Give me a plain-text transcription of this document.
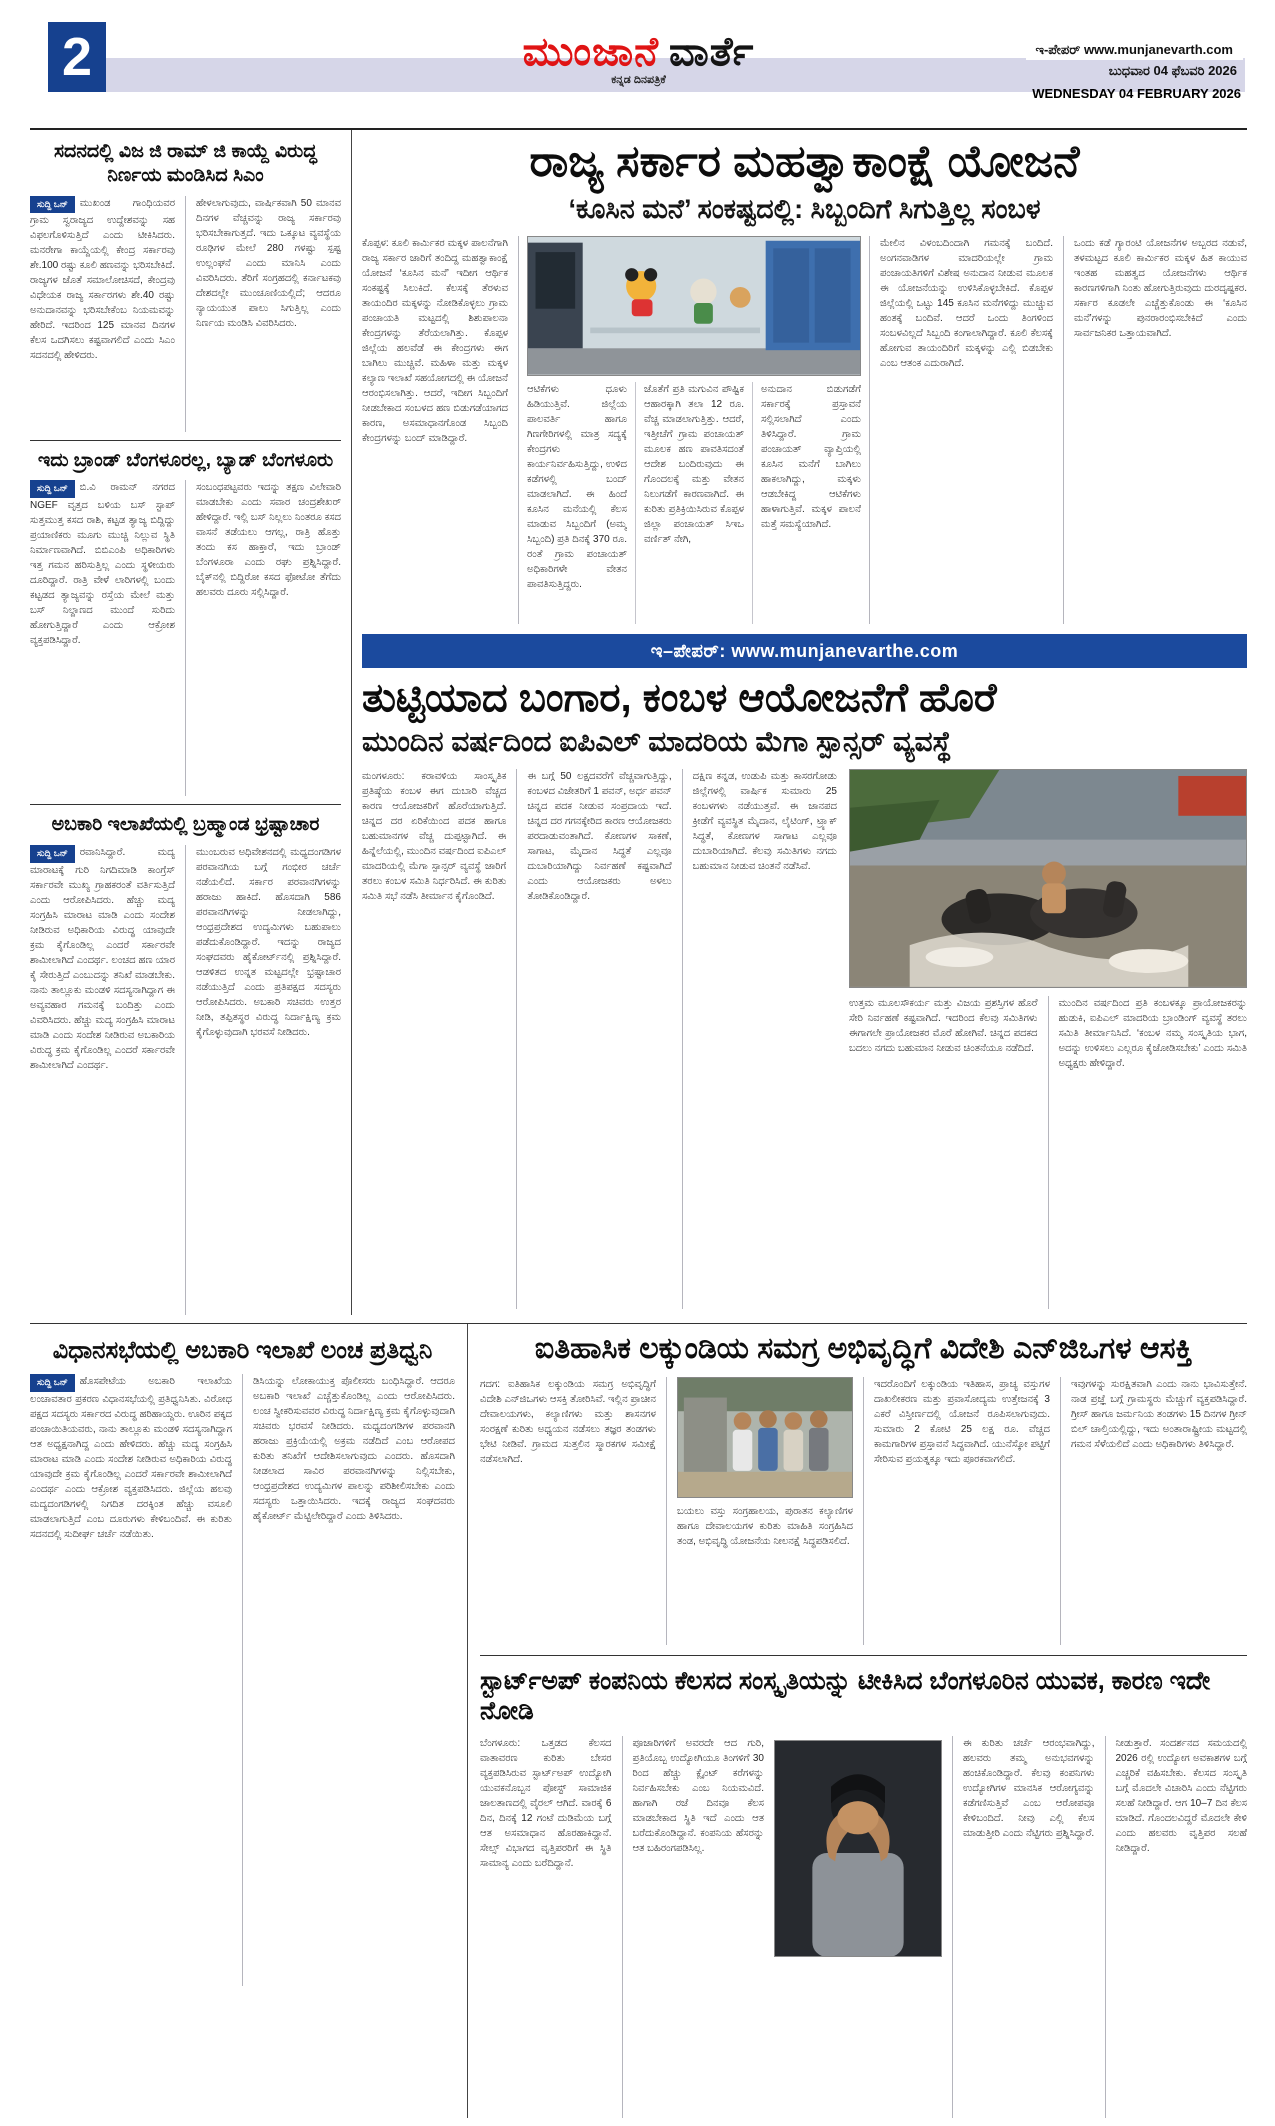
2	ಮುಂಜಾನೆ ವಾರ್ತೆ
ಕನ್ನಡ ದಿನಪತ್ರಿಕೆ
ಇ-ಪೇಪರ್ www.munjanevarth.com
ಬುಧವಾರ 04 ಫೆಬವರಿ 2026
WEDNESDAY 04 FEBRUARY 2026
ಸದನದಲ್ಲಿ ವಿಜ ಜಿ ರಾಮ್ ಜಿ ಕಾಯ್ದೆ ವಿರುದ್ಧ ನಿರ್ಣಯ ಮಂಡಿಸಿದ ಸಿಎಂ
ಸುದ್ದಿ ಒನ್ ಮುಖಂಡ ಗಾಂಧಿಯವರ ಗ್ರಾಮ ಸ್ವರಾಜ್ಯದ ಉದ್ದೇಶವನ್ನು ಸಹ ವಿಫಲಗೊಳಿಸುತ್ತಿದೆ ಎಂದು ಟೀಕಿಸಿದರು. ಮನರೇಗಾ ಕಾಯ್ದೆಯಲ್ಲಿ ಕೇಂದ್ರ ಸರ್ಕಾರವು ಶೇ.100 ರಷ್ಟು ಕೂಲಿ ಹಣವನ್ನು ಭರಿಸಬೇಕಿದೆ. ರಾಜ್ಯಗಳ ಜೊತೆ ಸಮಾಲೋಚಿಸದೆ, ಕೇಂದ್ರವು ವಿಧೇಯಕ ರಾಜ್ಯ ಸರ್ಕಾರಗಳು ಶೇ.40 ರಷ್ಟು ಅನುದಾನವನ್ನು ಭರಿಸಬೇಕೆಂಬ ನಿಯಮವನ್ನು ಹೇರಿದೆ. ಇದರಿಂದ 125 ಮಾನವ ದಿನಗಳ ಕೆಲಸ ಒದಗಿಸಲು ಕಷ್ಟವಾಗಲಿದೆ ಎಂದು ಸಿಎಂ ಸದನದಲ್ಲಿ ಹೇಳಿದರು.
ಹೇಳಲಾಗುವುದು, ವಾರ್ಷಿಕವಾಗಿ 50 ಮಾನವ ದಿನಗಳ ವೆಚ್ಚವನ್ನು ರಾಜ್ಯ ಸರ್ಕಾರವು ಭರಿಸಬೇಕಾಗುತ್ತದೆ. ಇದು ಒಕ್ಕೂಟ ವ್ಯವಸ್ಥೆಯ ರೂಢಿಗಳ ಮೇಲೆ 280 ಗಳಷ್ಟು ಸ್ಪಷ್ಟ ಉಲ್ಲಂಘನೆ ಎಂದು ಮಾನಿಸಿ ಎಂದು ವಿವರಿಸಿದರು. ತೆರಿಗೆ ಸಂಗ್ರಹದಲ್ಲಿ ಕರ್ನಾಟಕವು ದೇಶದಲ್ಲೇ ಮುಂಚೂಣಿಯಲ್ಲಿದೆ; ಆದರೂ ನ್ಯಾಯಯುತ ಪಾಲು ಸಿಗುತ್ತಿಲ್ಲ ಎಂದು ನಿರ್ಣಯ ಮಂಡಿಸಿ ವಿವರಿಸಿದರು.
ಇದು ಬ್ರಾಂಡ್ ಬೆಂಗಳೂರಲ್ಲ, ಬ್ಯಾಡ್ ಬೆಂಗಳೂರು
ಸುದ್ದಿ ಒನ್ ಬಿ.ವಿ ರಾಮನ್ ನಗರದ NGEF ವೃತ್ತದ ಬಳಿಯ ಬಸ್ ಸ್ಟಾಪ್ ಸುತ್ತಮುತ್ತ ಕಸದ ರಾಶಿ, ಕಟ್ಟಡ ತ್ಯಾಜ್ಯ ಬಿದ್ದಿದ್ದು ಪ್ರಯಾಣಿಕರು ಮೂಗು ಮುಚ್ಚಿ ನಿಲ್ಲುವ ಸ್ಥಿತಿ ನಿರ್ಮಾಣವಾಗಿದೆ. ಬಿಬಿಎಂಪಿ ಅಧಿಕಾರಿಗಳು ಇತ್ತ ಗಮನ ಹರಿಸುತ್ತಿಲ್ಲ ಎಂದು ಸ್ಥಳೀಯರು ದೂರಿದ್ದಾರೆ. ರಾತ್ರಿ ವೇಳೆ ಲಾರಿಗಳಲ್ಲಿ ಬಂದು ಕಟ್ಟಡದ ತ್ಯಾಜ್ಯವನ್ನು ರಸ್ತೆಯ ಮೇಲೆ ಮತ್ತು ಬಸ್ ನಿಲ್ದಾಣದ ಮುಂದೆ ಸುರಿದು ಹೋಗುತ್ತಿದ್ದಾರೆ ಎಂದು ಆಕ್ರೋಶ ವ್ಯಕ್ತಪಡಿಸಿದ್ದಾರೆ.
ಸಂಬಂಧಪಟ್ಟವರು ಇದನ್ನು ತಕ್ಷಣ ವಿಲೇವಾರಿ ಮಾಡಬೇಕು ಎಂದು ಸವಾರ ಚಂದ್ರಶೇಖರ್ ಹೇಳಿದ್ದಾರೆ. ಇಲ್ಲಿ ಬಸ್ ನಿಲ್ಲಲು ನಿಂತರೂ ಕಸದ ವಾಸನೆ ತಡೆಯಲು ಆಗಲ್ಲ, ರಾತ್ರಿ ಹೊತ್ತು ತಂದು ಕಸ ಹಾಕ್ತಾರೆ, ಇದು ಬ್ರಾಂಡ್ ಬೆಂಗಳೂರಾ ಎಂದು ರಘು ಪ್ರಶ್ನಿಸಿದ್ದಾರೆ. ಬೈಕ್‌ನಲ್ಲಿ ಬಿದ್ದಿರೋ ಕಸದ ಫೋಟೋ ತೆಗೆದು ಹಲವರು ದೂರು ಸಲ್ಲಿಸಿದ್ದಾರೆ.
ಅಬಕಾರಿ ಇಲಾಖೆಯಲ್ಲಿ ಬ್ರಹ್ಮಾಂಡ ಭ್ರಷ್ಟಾಚಾರ
ಸುದ್ದಿ ಒನ್ ರವಾನಿಸಿದ್ದಾರೆ. ಮದ್ಯ ಮಾರಾಟಕ್ಕೆ ಗುರಿ ನಿಗದಿಮಾಡಿ ಕಾಂಗ್ರೆಸ್ ಸರ್ಕಾರವೇ ಮುಖ್ಯ ಗ್ರಾಹಕರಂತೆ ವರ್ತಿಸುತ್ತಿದೆ ಎಂದು ಆರೋಪಿಸಿದರು. ಹೆಚ್ಚು ಮದ್ಯ ಸಂಗ್ರಹಿಸಿ ಮಾರಾಟ ಮಾಡಿ ಎಂದು ಸಂದೇಶ ನೀಡಿರುವ ಅಧಿಕಾರಿಯ ವಿರುದ್ಧ ಯಾವುದೇ ಕ್ರಮ ಕೈಗೊಂಡಿಲ್ಲ ಎಂದರೆ ಸರ್ಕಾರವೇ ಶಾಮೀಲಾಗಿದೆ ಎಂದರ್ಥ. ಲಂಚದ ಹಣ ಯಾರ ಕೈ ಸೇರುತ್ತಿದೆ ಎಂಬುದನ್ನು ತನಿಖೆ ಮಾಡಬೇಕು. ನಾನು ತಾಲ್ಲೂಕು ಮಂಡಳಿ ಸದಸ್ಯನಾಗಿದ್ದಾಗ ಈ ಅವ್ಯವಹಾರ ಗಮನಕ್ಕೆ ಬಂದಿತ್ತು ಎಂದು ವಿವರಿಸಿದರು. ಹೆಚ್ಚು ಮದ್ಯ ಸಂಗ್ರಹಿಸಿ ಮಾರಾಟ ಮಾಡಿ ಎಂದು ಸಂದೇಶ ನೀಡಿರುವ ಅಬಕಾರಿಯ ವಿರುದ್ಧ ಕ್ರಮ ಕೈಗೊಂಡಿಲ್ಲ ಎಂದರೆ ಸರ್ಕಾರವೇ ಶಾಮೀಲಾಗಿದೆ ಎಂದರ್ಥ.
ಮುಂಬರುವ ಅಧಿವೇಶನದಲ್ಲಿ ಮಧ್ಯದಂಗಡಿಗಳ ಪರವಾನಗಿಯ ಬಗ್ಗೆ ಗಂಭೀರ ಚರ್ಚೆ ನಡೆಯಲಿದೆ. ಸರ್ಕಾರ ಪರವಾನಗಿಗಳನ್ನು ಹರಾಜು ಹಾಕಿದೆ. ಹೊಸದಾಗಿ 586 ಪರವಾನಗಿಗಳನ್ನು ನೀಡಲಾಗಿದ್ದು, ಆಂಧ್ರಪ್ರದೇಶದ ಉದ್ಯಮಿಗಳು ಬಹುಪಾಲು ಪಡೆದುಕೊಂಡಿದ್ದಾರೆ. ಇದನ್ನು ರಾಜ್ಯದ ಸಂಘದವರು ಹೈಕೋರ್ಟ್‌ನಲ್ಲಿ ಪ್ರಶ್ನಿಸಿದ್ದಾರೆ. ಆಡಳಿತದ ಉನ್ನತ ಮಟ್ಟದಲ್ಲೇ ಭ್ರಷ್ಟಾಚಾರ ನಡೆಯುತ್ತಿದೆ ಎಂದು ಪ್ರತಿಪಕ್ಷದ ಸದಸ್ಯರು ಆರೋಪಿಸಿದರು. ಅಬಕಾರಿ ಸಚಿವರು ಉತ್ತರ ನೀಡಿ, ತಪ್ಪಿತಸ್ಥರ ವಿರುದ್ಧ ನಿರ್ದಾಕ್ಷಿಣ್ಯ ಕ್ರಮ ಕೈಗೊಳ್ಳುವುದಾಗಿ ಭರವಸೆ ನೀಡಿದರು.
ರಾಜ್ಯ ಸರ್ಕಾರ ಮಹತ್ವಾಕಾಂಕ್ಷೆ ಯೋಜನೆ
‘ಕೂಸಿನ ಮನೆ’ ಸಂಕಷ್ಟದಲ್ಲಿ: ಸಿಬ್ಬಂದಿಗೆ ಸಿಗುತ್ತಿಲ್ಲ ಸಂಬಳ
ಕೊಪ್ಪಳ: ಕೂಲಿ ಕಾರ್ಮಿಕರ ಮಕ್ಕಳ ಪಾಲನೆಗಾಗಿ ರಾಜ್ಯ ಸರ್ಕಾರ ಜಾರಿಗೆ ತಂದಿದ್ದ ಮಹತ್ವಾಕಾಂಕ್ಷೆ ಯೋಜನೆ ‘ಕೂಸಿನ ಮನೆ’ ಇದೀಗ ಆರ್ಥಿಕ ಸಂಕಷ್ಟಕ್ಕೆ ಸಿಲುಕಿದೆ. ಕೆಲಸಕ್ಕೆ ತೆರಳುವ ತಾಯಂದಿರ ಮಕ್ಕಳನ್ನು ನೋಡಿಕೊಳ್ಳಲು ಗ್ರಾಮ ಪಂಚಾಯತಿ ಮಟ್ಟದಲ್ಲಿ ಶಿಶುಪಾಲನಾ ಕೇಂದ್ರಗಳನ್ನು ತೆರೆಯಲಾಗಿತ್ತು. ಕೊಪ್ಪಳ ಜಿಲ್ಲೆಯ ಹಲವೆಡೆ ಈ ಕೇಂದ್ರಗಳು ಈಗ ಬಾಗಿಲು ಮುಚ್ಚಿವೆ. ಮಹಿಳಾ ಮತ್ತು ಮಕ್ಕಳ ಕಲ್ಯಾಣ ಇಲಾಖೆ ಸಹಯೋಗದಲ್ಲಿ ಈ ಯೋಜನೆ ಆರಂಭಿಸಲಾಗಿತ್ತು. ಆದರೆ, ಇದೀಗ ಸಿಬ್ಬಂದಿಗೆ ನೀಡಬೇಕಾದ ಸಂಬಳದ ಹಣ ಬಿಡುಗಡೆಯಾಗದ ಕಾರಣ, ಅಸಮಾಧಾನಗೊಂಡ ಸಿಬ್ಬಂದಿ ಕೇಂದ್ರಗಳನ್ನು ಬಂದ್ ಮಾಡಿದ್ದಾರೆ.
ಆಟಿಕೆಗಳು ಧೂಳು ಹಿಡಿಯುತ್ತಿವೆ. ಜಿಲ್ಲೆಯ ಪಾಲವರ್ತಿ ಹಾಗೂ ಗಿಣಗೇರಿಗಳಲ್ಲಿ ಮಾತ್ರ ಸದ್ಯಕ್ಕೆ ಕೇಂದ್ರಗಳು ಕಾರ್ಯನಿರ್ವಹಿಸುತ್ತಿದ್ದು, ಉಳಿದ ಕಡೆಗಳಲ್ಲಿ ಬಂದ್ ಮಾಡಲಾಗಿದೆ. ಈ ಹಿಂದೆ ಕೂಸಿನ ಮನೆಯಲ್ಲಿ ಕೆಲಸ ಮಾಡುವ ಸಿಬ್ಬಂದಿಗೆ (ಅಮ್ಮ ಸಿಬ್ಬಂದಿ) ಪ್ರತಿ ದಿನಕ್ಕೆ 370 ರೂ. ರಂತೆ ಗ್ರಾಮ ಪಂಚಾಯತ್ ಅಧಿಕಾರಿಗಳೇ ವೇತನ ಪಾವತಿಸುತ್ತಿದ್ದರು.
ಜೊತೆಗೆ ಪ್ರತಿ ಮಗುವಿನ ಪೌಷ್ಟಿಕ ಆಹಾರಕ್ಕಾಗಿ ತಲಾ 12 ರೂ. ವೆಚ್ಚ ಮಾಡಲಾಗುತ್ತಿತ್ತು. ಆದರೆ, ಇತ್ತೀಚೆಗೆ ಗ್ರಾಮ ಪಂಚಾಯತ್ ಮೂಲಕ ಹಣ ಪಾವತಿಸದಂತೆ ಆದೇಶ ಬಂದಿರುವುದು ಈ ಗೊಂದಲಕ್ಕೆ ಮತ್ತು ವೇತನ ನಿಲುಗಡೆಗೆ ಕಾರಣವಾಗಿದೆ. ಈ ಕುರಿತು ಪ್ರತಿಕ್ರಿಯಿಸಿರುವ ಕೊಪ್ಪಳ ಜಿಲ್ಲಾ ಪಂಚಾಯತ್ ಸಿಇಒ ವರ್ಣಿತ್ ನೇಗಿ,
ಅನುದಾನ ಬಿಡುಗಡೆಗೆ ಸರ್ಕಾರಕ್ಕೆ ಪ್ರಸ್ತಾವನೆ ಸಲ್ಲಿಸಲಾಗಿದೆ ಎಂದು ತಿಳಿಸಿದ್ದಾರೆ. ಗ್ರಾಮ ಪಂಚಾಯತ್ ವ್ಯಾಪ್ತಿಯಲ್ಲಿ ಕೂಸಿನ ಮನೆಗೆ ಬಾಗಿಲು ಹಾಕಲಾಗಿದ್ದು, ಮಕ್ಕಳು ಆಡಬೇಕಿದ್ದ ಆಟಿಕೆಗಳು ಹಾಳಾಗುತ್ತಿವೆ. ಮಕ್ಕಳ ಪಾಲನೆ ಮತ್ತೆ ಸಮಸ್ಯೆಯಾಗಿದೆ.
ಮೇಲಿನ ವಿಳಂಬದಿಂದಾಗಿ ಗಮನಕ್ಕೆ ಬಂದಿದೆ. ಅಂಗನವಾಡಿಗಳ ಮಾದರಿಯಲ್ಲೇ ಗ್ರಾಮ ಪಂಚಾಯತಿಗಳಿಗೆ ವಿಶೇಷ ಅನುದಾನ ನೀಡುವ ಮೂಲಕ ಈ ಯೋಜನೆಯನ್ನು ಉಳಿಸಿಕೊಳ್ಳಬೇಕಿದೆ. ಕೊಪ್ಪಳ ಜಿಲ್ಲೆಯಲ್ಲಿ ಒಟ್ಟು 145 ಕೂಸಿನ ಮನೆಗಳಿದ್ದು ಮುಚ್ಚುವ ಹಂತಕ್ಕೆ ಬಂದಿವೆ. ಆದರೆ ಒಂದು ತಿಂಗಳಿಂದ ಸಂಬಳವಿಲ್ಲದೆ ಸಿಬ್ಬಂದಿ ಕಂಗಾಲಾಗಿದ್ದಾರೆ. ಕೂಲಿ ಕೆಲಸಕ್ಕೆ ಹೋಗುವ ತಾಯಂದಿರಿಗೆ ಮಕ್ಕಳನ್ನು ಎಲ್ಲಿ ಬಿಡಬೇಕು ಎಂಬ ಆತಂಕ ಎದುರಾಗಿದೆ.
ಒಂದು ಕಡೆ ಗ್ಯಾರಂಟಿ ಯೋಜನೆಗಳ ಅಬ್ಬರದ ನಡುವೆ, ತಳಮಟ್ಟದ ಕೂಲಿ ಕಾರ್ಮಿಕರ ಮಕ್ಕಳ ಹಿತ ಕಾಯುವ ಇಂತಹ ಮಹತ್ವದ ಯೋಜನೆಗಳು ಆರ್ಥಿಕ ಕಾರಣಗಳಿಗಾಗಿ ನಿಂತು ಹೋಗುತ್ತಿರುವುದು ದುರದೃಷ್ಟಕರ. ಸರ್ಕಾರ ಕೂಡಲೇ ಎಚ್ಚೆತ್ತುಕೊಂಡು ಈ ‘ಕೂಸಿನ ಮನೆ’ಗಳನ್ನು ಪುನರಾರಂಭಿಸಬೇಕಿದೆ ಎಂದು ಸಾರ್ವಜನಿಕರ ಒತ್ತಾಯವಾಗಿದೆ.
ಇ–ಪೇಪರ್: www.munjanevarthe.com
ತುಟ್ಟಿಯಾದ ಬಂಗಾರ, ಕಂಬಳ ಆಯೋಜನೆಗೆ ಹೊರೆ
ಮುಂದಿನ ವರ್ಷದಿಂದ ಐಪಿಎಲ್ ಮಾದರಿಯ ಮೆಗಾ ಸ್ಪಾನ್ಸರ್ ವ್ಯವಸ್ಥೆ
ಮಂಗಳೂರು: ಕರಾವಳಿಯ ಸಾಂಸ್ಕೃತಿಕ ಪ್ರತಿಷ್ಠೆಯ ಕಂಬಳ ಈಗ ದುಬಾರಿ ವೆಚ್ಚದ ಕಾರಣ ಆಯೋಜಕರಿಗೆ ಹೊರೆಯಾಗುತ್ತಿದೆ. ಚಿನ್ನದ ದರ ಏರಿಕೆಯಿಂದ ಪದಕ ಹಾಗೂ ಬಹುಮಾನಗಳ ವೆಚ್ಚ ದುಪ್ಪಟ್ಟಾಗಿದೆ. ಈ ಹಿನ್ನೆಲೆಯಲ್ಲಿ, ಮುಂದಿನ ವರ್ಷದಿಂದ ಐಪಿಎಲ್ ಮಾದರಿಯಲ್ಲಿ ಮೆಗಾ ಸ್ಪಾನ್ಸರ್ ವ್ಯವಸ್ಥೆ ಜಾರಿಗೆ ತರಲು ಕಂಬಳ ಸಮಿತಿ ನಿರ್ಧರಿಸಿದೆ. ಈ ಕುರಿತು ಸಮಿತಿ ಸಭೆ ನಡೆಸಿ ತೀರ್ಮಾನ ಕೈಗೊಂಡಿದೆ.
ಈ ಬಗ್ಗೆ 50 ಲಕ್ಷದವರೆಗೆ ವೆಚ್ಚವಾಗುತ್ತಿದ್ದು, ಕಂಬಳದ ವಿಜೇತರಿಗೆ 1 ಪವನ್, ಅರ್ಧ ಪವನ್ ಚಿನ್ನದ ಪದಕ ನೀಡುವ ಸಂಪ್ರದಾಯ ಇದೆ. ಚಿನ್ನದ ದರ ಗಗನಕ್ಕೇರಿದ ಕಾರಣ ಆಯೋಜಕರು ಪರದಾಡುವಂತಾಗಿದೆ. ಕೋಣಗಳ ಸಾಕಣೆ, ಸಾಗಾಟ, ಮೈದಾನ ಸಿದ್ಧತೆ ಎಲ್ಲವೂ ದುಬಾರಿಯಾಗಿದ್ದು ನಿರ್ವಹಣೆ ಕಷ್ಟವಾಗಿದೆ ಎಂದು ಆಯೋಜಕರು ಅಳಲು ತೋಡಿಕೊಂಡಿದ್ದಾರೆ.
ದಕ್ಷಿಣ ಕನ್ನಡ, ಉಡುಪಿ ಮತ್ತು ಕಾಸರಗೋಡು ಜಿಲ್ಲೆಗಳಲ್ಲಿ ವಾರ್ಷಿಕ ಸುಮಾರು 25 ಕಂಬಳಗಳು ನಡೆಯುತ್ತವೆ. ಈ ಜಾನಪದ ಕ್ರೀಡೆಗೆ ವ್ಯವಸ್ಥಿತ ಮೈದಾನ, ಲೈಟಿಂಗ್, ಟ್ರ್ಯಾಕ್ ಸಿದ್ಧತೆ, ಕೋಣಗಳ ಸಾಗಾಟ ಎಲ್ಲವೂ ದುಬಾರಿಯಾಗಿದೆ. ಕೆಲವು ಸಮಿತಿಗಳು ನಗದು ಬಹುಮಾನ ನೀಡುವ ಚಿಂತನೆ ನಡೆಸಿವೆ.
ಉತ್ತಮ ಮೂಲಸೌಕರ್ಯ ಮತ್ತು ವಿಜಯ ಪ್ರಶಸ್ತಿಗಳ ಹೊರೆ ಸೇರಿ ನಿರ್ವಹಣೆ ಕಷ್ಟವಾಗಿದೆ. ಇದರಿಂದ ಕೆಲವು ಸಮಿತಿಗಳು ಈಗಾಗಲೇ ಪ್ರಾಯೋಜಕರ ಮೊರೆ ಹೋಗಿವೆ. ಚಿನ್ನದ ಪದಕದ ಬದಲು ನಗದು ಬಹುಮಾನ ನೀಡುವ ಚಿಂತನೆಯೂ ನಡೆದಿದೆ.
ಮುಂದಿನ ವರ್ಷದಿಂದ ಪ್ರತಿ ಕಂಬಳಕ್ಕೂ ಪ್ರಾಯೋಜಕರನ್ನು ಹುಡುಕಿ, ಐಪಿಎಲ್ ಮಾದರಿಯ ಬ್ರಾಂಡಿಂಗ್ ವ್ಯವಸ್ಥೆ ತರಲು ಸಮಿತಿ ತೀರ್ಮಾನಿಸಿದೆ. ‘ಕಂಬಳ ನಮ್ಮ ಸಂಸ್ಕೃತಿಯ ಭಾಗ, ಅದನ್ನು ಉಳಿಸಲು ಎಲ್ಲರೂ ಕೈಜೋಡಿಸಬೇಕು’ ಎಂದು ಸಮಿತಿ ಅಧ್ಯಕ್ಷರು ಹೇಳಿದ್ದಾರೆ.
ವಿಧಾನಸಭೆಯಲ್ಲಿ ಅಬಕಾರಿ ಇಲಾಖೆ ಲಂಚ ಪ್ರತಿಧ್ವನಿ
ಸುದ್ದಿ ಒನ್ ಹೊಸಪೇಟೆಯ ಅಬಕಾರಿ ಇಲಾಖೆಯ ಲಂಚಾವತಾರ ಪ್ರಕರಣ ವಿಧಾನಸಭೆಯಲ್ಲಿ ಪ್ರತಿಧ್ವನಿಸಿತು. ವಿರೋಧ ಪಕ್ಷದ ಸದಸ್ಯರು ಸರ್ಕಾರದ ವಿರುದ್ಧ ಹರಿಹಾಯ್ದರು. ಊರಿನ ಪಕ್ಕದ ಪಂಚಾಯಿತಿಯವರು, ನಾನು ತಾಲ್ಲೂಕು ಮಂಡಳಿ ಸದಸ್ಯನಾಗಿದ್ದಾಗ ಆತ ಅಧ್ಯಕ್ಷನಾಗಿದ್ದ ಎಂದು ಹೇಳಿದರು. ಹೆಚ್ಚು ಮದ್ಯ ಸಂಗ್ರಹಿಸಿ ಮಾರಾಟ ಮಾಡಿ ಎಂದು ಸಂದೇಶ ನೀಡಿರುವ ಅಧಿಕಾರಿಯ ವಿರುದ್ಧ ಯಾವುದೇ ಕ್ರಮ ಕೈಗೊಂಡಿಲ್ಲ ಎಂದರೆ ಸರ್ಕಾರವೇ ಶಾಮೀಲಾಗಿದೆ ಎಂದರ್ಥ ಎಂದು ಆಕ್ರೋಶ ವ್ಯಕ್ತಪಡಿಸಿದರು. ಜಿಲ್ಲೆಯ ಹಲವು ಮದ್ಯದಂಗಡಿಗಳಲ್ಲಿ ನಿಗದಿತ ದರಕ್ಕಿಂತ ಹೆಚ್ಚು ವಸೂಲಿ ಮಾಡಲಾಗುತ್ತಿದೆ ಎಂಬ ದೂರುಗಳು ಕೇಳಿಬಂದಿವೆ. ಈ ಕುರಿತು ಸದನದಲ್ಲಿ ಸುದೀರ್ಘ ಚರ್ಚೆ ನಡೆಯಿತು.
ಡಿಸಿಯನ್ನು ಲೋಕಾಯುಕ್ತ ಪೊಲೀಸರು ಬಂಧಿಸಿದ್ದಾರೆ. ಆದರೂ ಅಬಕಾರಿ ಇಲಾಖೆ ಎಚ್ಚೆತ್ತುಕೊಂಡಿಲ್ಲ ಎಂದು ಆರೋಪಿಸಿದರು. ಲಂಚ ಸ್ವೀಕರಿಸುವವರ ವಿರುದ್ಧ ನಿರ್ದಾಕ್ಷಿಣ್ಯ ಕ್ರಮ ಕೈಗೊಳ್ಳುವುದಾಗಿ ಸಚಿವರು ಭರವಸೆ ನೀಡಿದರು. ಮಧ್ಯದಂಗಡಿಗಳ ಪರವಾನಗಿ ಹರಾಜು ಪ್ರಕ್ರಿಯೆಯಲ್ಲಿ ಅಕ್ರಮ ನಡೆದಿದೆ ಎಂಬ ಆರೋಪದ ಕುರಿತು ತನಿಖೆಗೆ ಆದೇಶಿಸಲಾಗುವುದು ಎಂದರು. ಹೊಸದಾಗಿ ನೀಡಲಾದ ಸಾವಿರ ಪರವಾನಗಿಗಳನ್ನು ನಿಲ್ಲಿಸಬೇಕು, ಆಂಧ್ರಪ್ರದೇಶದ ಉದ್ಯಮಿಗಳ ಪಾಲನ್ನು ಪರಿಶೀಲಿಸಬೇಕು ಎಂದು ಸದಸ್ಯರು ಒತ್ತಾಯಿಸಿದರು. ಇದಕ್ಕೆ ರಾಜ್ಯದ ಸಂಘದವರು ಹೈಕೋರ್ಟ್ ಮೆಟ್ಟಿಲೇರಿದ್ದಾರೆ ಎಂದು ತಿಳಿಸಿದರು.
ಐತಿಹಾಸಿಕ ಲಕ್ಕುಂಡಿಯ ಸಮಗ್ರ ಅಭಿವೃದ್ಧಿಗೆ ವಿದೇಶಿ ಎನ್‌ಜಿಒಗಳ ಆಸಕ್ತಿ
ಗದಗ: ಐತಿಹಾಸಿಕ ಲಕ್ಕುಂಡಿಯ ಸಮಗ್ರ ಅಭಿವೃದ್ಧಿಗೆ ವಿದೇಶಿ ಎನ್‌ಜಿಒಗಳು ಆಸಕ್ತಿ ತೋರಿಸಿವೆ. ಇಲ್ಲಿನ ಪ್ರಾಚೀನ ದೇವಾಲಯಗಳು, ಕಲ್ಯಾಣಿಗಳು ಮತ್ತು ಶಾಸನಗಳ ಸಂರಕ್ಷಣೆ ಕುರಿತು ಅಧ್ಯಯನ ನಡೆಸಲು ತಜ್ಞರ ತಂಡಗಳು ಭೇಟಿ ನೀಡಿವೆ. ಗ್ರಾಮದ ಸುತ್ತಲಿನ ಸ್ಮಾರಕಗಳ ಸಮೀಕ್ಷೆ ನಡೆಸಲಾಗಿದೆ.
ಬಯಲು ವಸ್ತು ಸಂಗ್ರಹಾಲಯ, ಪುರಾತನ ಕಲ್ಯಾಣಿಗಳ ಹಾಗೂ ದೇವಾಲಯಗಳ ಕುರಿತು ಮಾಹಿತಿ ಸಂಗ್ರಹಿಸಿದ ತಂಡ, ಅಭಿವೃದ್ಧಿ ಯೋಜನೆಯ ನೀಲನಕ್ಷೆ ಸಿದ್ಧಪಡಿಸಲಿದೆ.
ಇದರೊಂದಿಗೆ ಲಕ್ಕುಂಡಿಯ ಇತಿಹಾಸ, ಪ್ರಾಚ್ಯ ವಸ್ತುಗಳ ದಾಖಲೀಕರಣ ಮತ್ತು ಪ್ರವಾಸೋದ್ಯಮ ಉತ್ತೇಜನಕ್ಕೆ 3 ಎಕರೆ ವಿಸ್ತೀರ್ಣದಲ್ಲಿ ಯೋಜನೆ ರೂಪಿಸಲಾಗುವುದು. ಸುಮಾರು 2 ಕೋಟಿ 25 ಲಕ್ಷ ರೂ. ವೆಚ್ಚದ ಕಾಮಗಾರಿಗಳ ಪ್ರಸ್ತಾವನೆ ಸಿದ್ಧವಾಗಿದೆ. ಯುನೆಸ್ಕೋ ಪಟ್ಟಿಗೆ ಸೇರಿಸುವ ಪ್ರಯತ್ನಕ್ಕೂ ಇದು ಪೂರಕವಾಗಲಿದೆ.
ಇವುಗಳನ್ನು ಸುರಕ್ಷಿತವಾಗಿ ಎಂದು ನಾನು ಭಾವಿಸುತ್ತೇನೆ. ನಾಡ ಪ್ರಜ್ಞೆ ಬಗ್ಗೆ ಗ್ರಾಮಸ್ಥರು ಮೆಚ್ಚುಗೆ ವ್ಯಕ್ತಪಡಿಸಿದ್ದಾರೆ. ಗ್ರೀಸ್ ಹಾಗೂ ಜರ್ಮನಿಯ ತಂಡಗಳು 15 ದಿನಗಳ ಗ್ರೀನ್ ಬಿಲ್ ಚಾಲ್ತಿಯಲ್ಲಿದ್ದು, ಇದು ಅಂತಾರಾಷ್ಟ್ರೀಯ ಮಟ್ಟದಲ್ಲಿ ಗಮನ ಸೆಳೆಯಲಿದೆ ಎಂದು ಅಧಿಕಾರಿಗಳು ತಿಳಿಸಿದ್ದಾರೆ.
ಸ್ಟಾರ್ಟ್‌ಅಪ್ ಕಂಪನಿಯ ಕೆಲಸದ ಸಂಸ್ಕೃತಿಯನ್ನು ಟೀಕಿಸಿದ ಬೆಂಗಳೂರಿನ ಯುವಕ, ಕಾರಣ ಇದೇ ನೋಡಿ
ಬೆಂಗಳೂರು: ಒತ್ತಡದ ಕೆಲಸದ ವಾತಾವರಣ ಕುರಿತು ಬೇಸರ ವ್ಯಕ್ತಪಡಿಸಿರುವ ಸ್ಟಾರ್ಟ್‌ಅಪ್ ಉದ್ಯೋಗಿ ಯುವಕನೊಬ್ಬನ ಪೋಸ್ಟ್ ಸಾಮಾಜಿಕ ಜಾಲತಾಣದಲ್ಲಿ ವೈರಲ್ ಆಗಿದೆ. ವಾರಕ್ಕೆ 6 ದಿನ, ದಿನಕ್ಕೆ 12 ಗಂಟೆ ದುಡಿಮೆಯ ಬಗ್ಗೆ ಆತ ಅಸಮಾಧಾನ ಹೊರಹಾಕಿದ್ದಾನೆ. ಸೇಲ್ಸ್ ವಿಭಾಗದ ವೃತ್ತಿಪರರಿಗೆ ಈ ಸ್ಥಿತಿ ಸಾಮಾನ್ಯ ಎಂದು ಬರೆದಿದ್ದಾನೆ.
ಪೂಜಾರಿಗಳಿಗೆ ಅವರದೇ ಆದ ಗುರಿ, ಪ್ರತಿಯೊಬ್ಬ ಉದ್ಯೋಗಿಯೂ ತಿಂಗಳಿಗೆ 30 ರಿಂದ ಹೆಚ್ಚು ಕ್ಲೈಂಟ್ ಕರೆಗಳನ್ನು ನಿರ್ವಹಿಸಬೇಕು ಎಂಬ ನಿಯಮವಿದೆ. ಹಾಗಾಗಿ ರಜೆ ದಿನವೂ ಕೆಲಸ ಮಾಡಬೇಕಾದ ಸ್ಥಿತಿ ಇದೆ ಎಂದು ಆತ ಬರೆದುಕೊಂಡಿದ್ದಾನೆ. ಕಂಪನಿಯ ಹೆಸರನ್ನು ಆತ ಬಹಿರಂಗಪಡಿಸಿಲ್ಲ.
ಈ ಕುರಿತು ಚರ್ಚೆ ಆರಂಭವಾಗಿದ್ದು, ಹಲವರು ತಮ್ಮ ಅನುಭವಗಳನ್ನು ಹಂಚಿಕೊಂಡಿದ್ದಾರೆ. ಕೆಲವು ಕಂಪನಿಗಳು ಉದ್ಯೋಗಿಗಳ ಮಾನಸಿಕ ಆರೋಗ್ಯವನ್ನು ಕಡೆಗಣಿಸುತ್ತಿವೆ ಎಂಬ ಆರೋಪವೂ ಕೇಳಿಬಂದಿದೆ. ನೀವು ಎಲ್ಲಿ ಕೆಲಸ ಮಾಡುತ್ತೀರಿ ಎಂದು ನೆಟ್ಟಿಗರು ಪ್ರಶ್ನಿಸಿದ್ದಾರೆ.
ನೀಡುತ್ತಾರೆ. ಸಂದರ್ಶನದ ಸಮಯದಲ್ಲಿ 2026 ರಲ್ಲಿ ಉದ್ಯೋಗ ಅವಕಾಶಗಳ ಬಗ್ಗೆ ಎಚ್ಚರಿಕೆ ವಹಿಸಬೇಕು. ಕೆಲಸದ ಸಂಸ್ಕೃತಿ ಬಗ್ಗೆ ಮೊದಲೇ ವಿಚಾರಿಸಿ ಎಂದು ನೆಟ್ಟಿಗರು ಸಲಹೆ ನೀಡಿದ್ದಾರೆ. ಆಗ 10–7 ದಿನ ಕೆಲಸ ಮಾಡಿದೆ. ಗೊಂದಲವಿದ್ದರೆ ಮೊದಲೇ ಕೇಳಿ ಎಂದು ಹಲವರು ವೃತ್ತಿಪರ ಸಲಹೆ ನೀಡಿದ್ದಾರೆ.
